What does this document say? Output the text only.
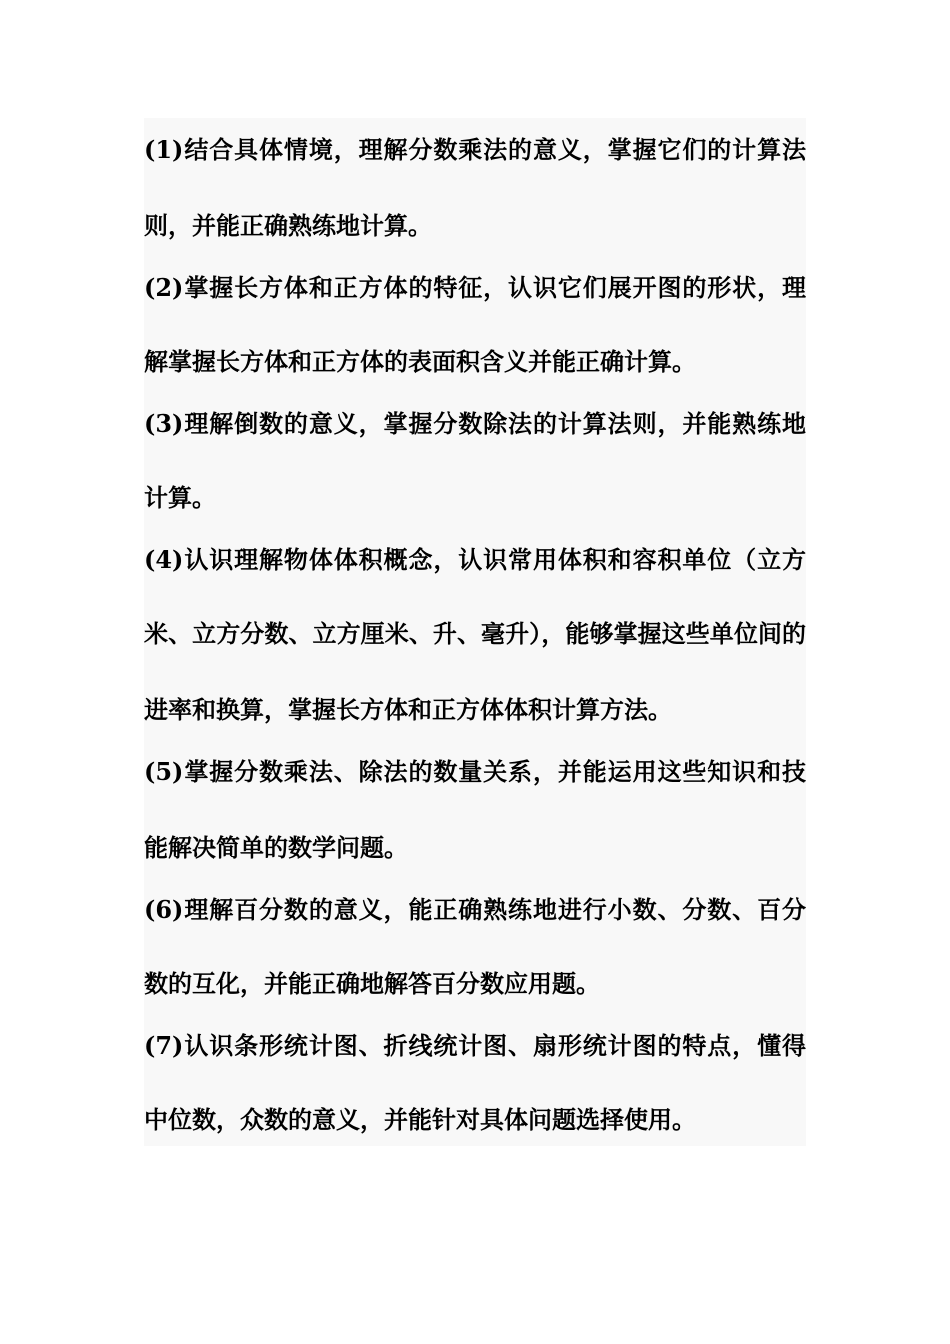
(1)结合具体情境，理解分数乘法的意义，掌握它们的计算法
则，并能正确熟练地计算。
(2)掌握长方体和正方体的特征，认识它们展开图的形状，理
解掌握长方体和正方体的表面积含义并能正确计算。
(3)理解倒数的意义，掌握分数除法的计算法则，并能熟练地
计算。
(4)认识理解物体体积概念，认识常用体积和容积单位（立方
米、立方分数、立方厘米、升、毫升），能够掌握这些单位间的
进率和换算，掌握长方体和正方体体积计算方法。
(5)掌握分数乘法、除法的数量关系，并能运用这些知识和技
能解决简单的数学问题。
(6)理解百分数的意义，能正确熟练地进行小数、分数、百分
数的互化，并能正确地解答百分数应用题。
(7)认识条形统计图、折线统计图、扇形统计图的特点，懂得
中位数，众数的意义，并能针对具体问题选择使用。
